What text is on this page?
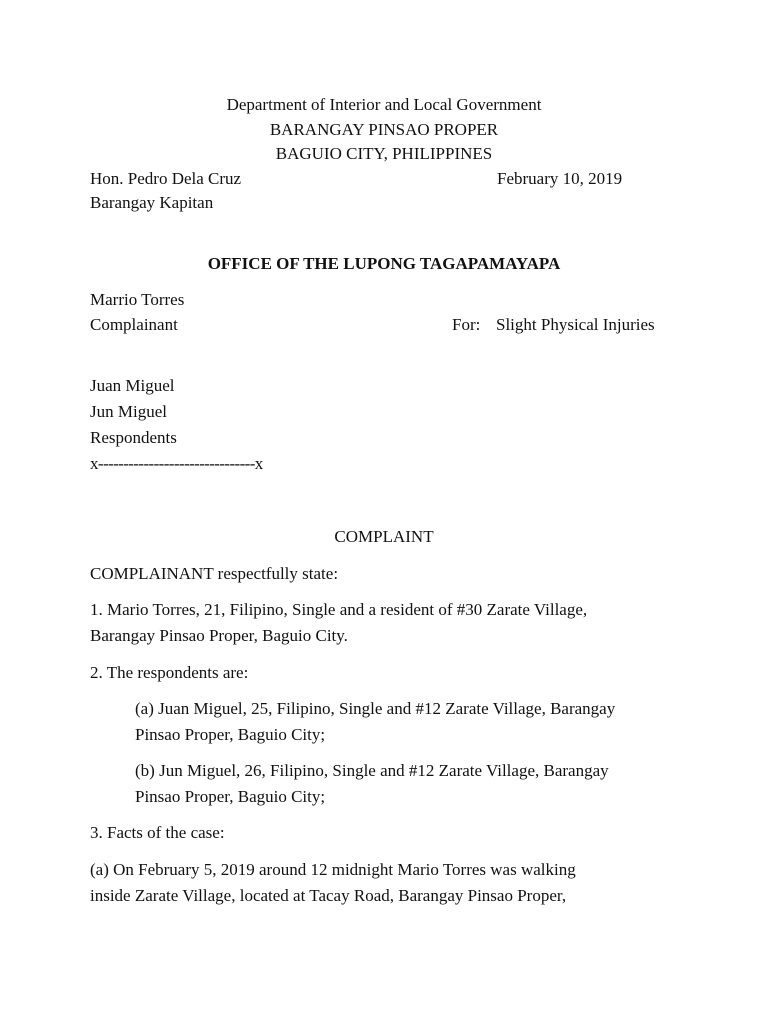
Department of Interior and Local Government
BARANGAY PINSAO PROPER
BAGUIO CITY, PHILIPPINES
Hon. Pedro Dela Cruz	February 10, 2019
Barangay Kapitan
OFFICE OF THE LUPONG TAGAPAMAYAPA
Marrio Torres
Complainant	For: Slight Physical Injuries
Juan Miguel
Jun Miguel
Respondents
x-------------------------------x
COMPLAINT
COMPLAINANT respectfully state:
1. Mario Torres, 21, Filipino, Single and a resident of #30 Zarate Village,
Barangay Pinsao Proper, Baguio City.
2. The respondents are:
(a) Juan Miguel, 25, Filipino, Single and #12 Zarate Village, Barangay
Pinsao Proper, Baguio City;
(b) Jun Miguel, 26, Filipino, Single and #12 Zarate Village, Barangay
Pinsao Proper, Baguio City;
3. Facts of the case:
(a) On February 5, 2019 around 12 midnight Mario Torres was walking
inside Zarate Village, located at Tacay Road, Barangay Pinsao Proper,
